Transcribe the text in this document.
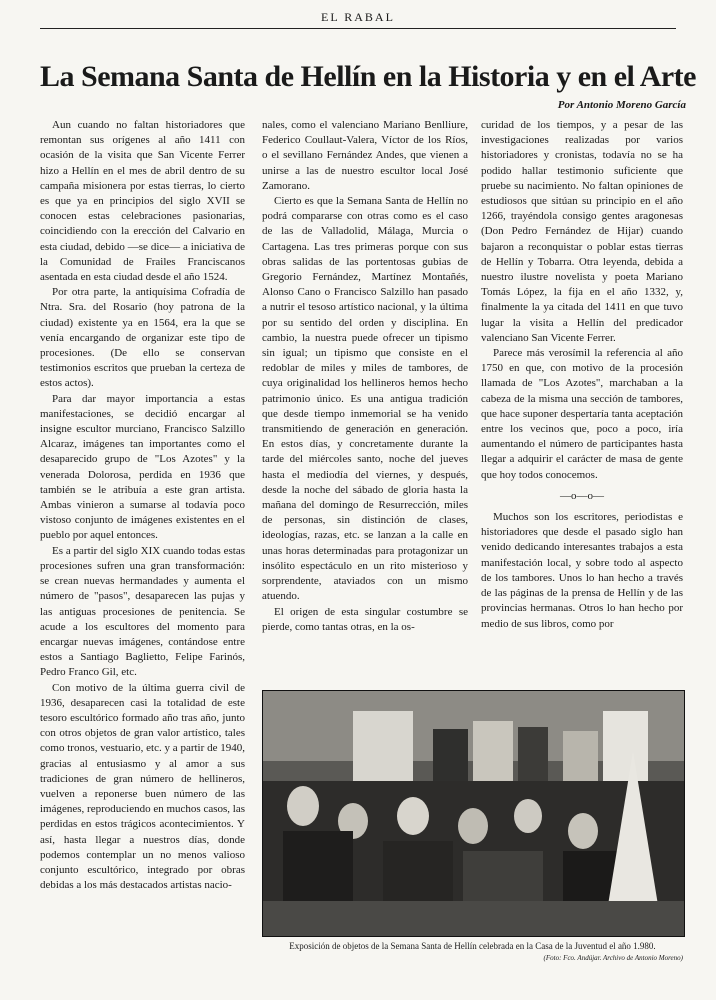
EL RABAL
La Semana Santa de Hellín en la Historia y en el Arte
Por Antonio Moreno García

Aun cuando no faltan historiadores que remontan sus orígenes al año 1411 con ocasión de la visita que San Vicente Ferrer hizo a Hellín en el mes de abril dentro de su campaña misionera por estas tierras, lo cierto es que ya en principios del siglo XVII se conocen estas celebraciones pasionarias, coincidiendo con la erección del Calvario en esta ciudad, debido —se dice— a iniciativa de la Comunidad de Frailes Franciscanos asentada en esta ciudad desde el año 1524.

Por otra parte, la antiquísima Cofradía de Ntra. Sra. del Rosario (hoy patrona de la ciudad) existente ya en 1564, era la que se venía encargando de organizar este tipo de procesiones. (De ello se conservan testimonios escritos que prueban la certeza de estos actos).

Para dar mayor importancia a estas manifestaciones, se decidió encargar al insigne escultor murciano, Francisco Salzillo Alcaraz, imágenes tan importantes como el desaparecido grupo de "Los Azotes" y la venerada Dolorosa, perdida en 1936 que también se le atribuía a este gran artista. Ambas vinieron a sumarse al todavía poco vistoso conjunto de imágenes existentes en el pueblo por aquel entonces.

Es a partir del siglo XIX cuando todas estas procesiones sufren una gran transformación: se crean nuevas hermandades y aumenta el número de "pasos", desaparecen las pujas y las antiguas procesiones de penitencia. Se acude a los escultores del momento para encargar nuevas imágenes, contándose entre estos a Santiago Baglietto, Felipe Farinós, Pedro Franco Gil, etc.

Con motivo de la última guerra civil de 1936, desaparecen casi la totalidad de este tesoro escultórico formado año tras año, junto con otros objetos de gran valor artístico, tales como tronos, vestuario, etc. y a partir de 1940, gracias al entusiasmo y al amor a sus tradiciones de gran número de hellineros, vuelven a reponerse buen número de las imágenes, reproduciendo en muchos casos, las perdidas en estos trágicos acontecimientos. Y así, hasta llegar a nuestros días, donde podemos contemplar un no menos valioso conjunto escultórico, integrado por obras debidas a los más destacados artistas nacio-

nales, como el valenciano Mariano Benlliure, Federico Coullaut-Valera, Víctor de los Ríos, o el sevillano Fernández Andes, que vienen a unirse a las de nuestro escultor local José Zamorano.

Cierto es que la Semana Santa de Hellín no podrá compararse con otras como es el caso de las de Valladolid, Málaga, Murcia o Cartagena. Las tres primeras porque con sus obras salidas de las portentosas gubias de Gregorio Fernández, Martínez Montañés, Alonso Cano o Francisco Salzillo han pasado a nutrir el tesoso artístico nacional, y la última por su sentido del orden y disciplina. En cambio, la nuestra puede ofrecer un tipismo sin igual; un tipismo que consiste en el redoblar de miles y miles de tambores, de cuya originalidad los hellineros hemos hecho patrimonio único. Es una antigua tradición que desde tiempo inmemorial se ha venido transmitiendo de generación en generación. En estos días, y concretamente durante la tarde del miércoles santo, noche del jueves hasta el mediodía del viernes, y después, desde la noche del sábado de gloria hasta la mañana del domingo de Resurrección, miles de personas, sin distinción de clases, ideologías, razas, etc. se lanzan a la calle en unas horas determinadas para protagonizar un insólito espectáculo en un rito misterioso y sorprendente, ataviados con un mismo atuendo.

El origen de esta singular costumbre se pierde, como tantas otras, en la os-

curidad de los tiempos, y a pesar de las investigaciones realizadas por varios historiadores y cronistas, todavía no se ha podido hallar testimonio suficiente que pruebe su nacimiento. No faltan opiniones de estudiosos que sitúan su principio en el año 1266, trayéndola consigo gentes aragonesas (Don Pedro Fernández de Hijar) cuando bajaron a reconquistar o poblar estas tierras de Hellín y Tobarra. Otra leyenda, debida a nuestro ilustre novelista y poeta Mariano Tomás López, la fija en el año 1332, y, finalmente la ya citada del 1411 en que tuvo lugar la visita a Hellín del predicador valenciano San Vicente Ferrer.

Parece más verosímil la referencia al año 1750 en que, con motivo de la procesión llamada de "Los Azotes", marchaban a la cabeza de la misma una sección de tambores, que hace suponer despertaría tanta aceptación entre los vecinos que, poco a poco, iría aumentando el número de participantes hasta llegar a adquirir el carácter de masa de gente que hoy todos conocemos.

—o—o—

Muchos son los escritores, periodistas e historiadores que desde el pasado siglo han venido dedicando interesantes trabajos a esta manifestación local, y sobre todo al aspecto de los tambores. Unos lo han hecho a través de las páginas de la prensa de Hellín y de las provincias hermanas. Otros lo han hecho por medio de sus libros, como por

Exposición de objetos de la Semana Santa de Hellín celebrada en la Casa de la Juventud el año 1.980.
(Foto: Fco. Andújar. Archivo de Antonio Moreno)
